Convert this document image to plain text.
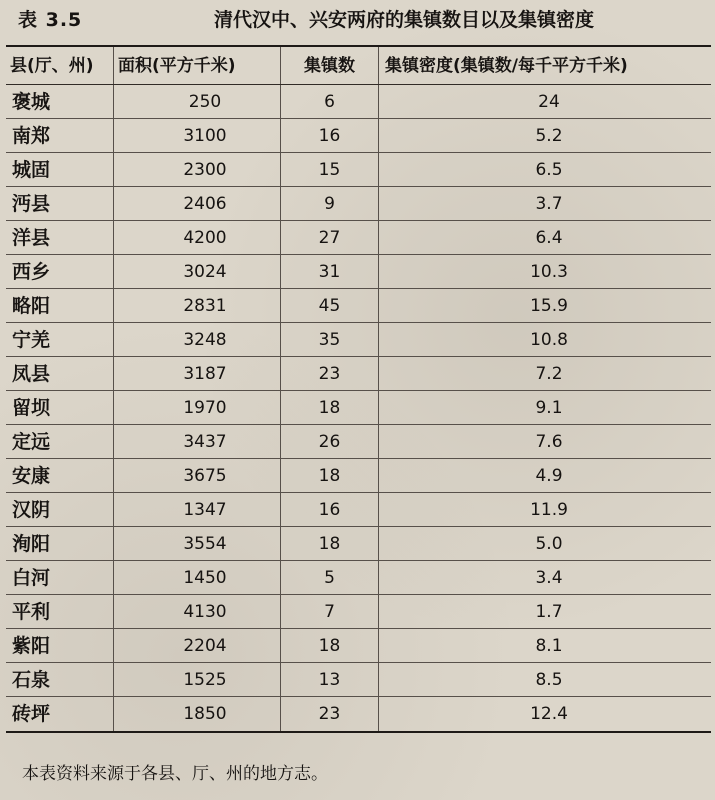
表 3.5	清代汉中、兴安两府的集镇数目以及集镇密度
县(厅、州)	面积(平方千米)	集镇数	集镇密度(集镇数/每千平方千米)
褒城	250	6	24
南郑	3100	16	5.2
城固	2300	15	6.5
沔县	2406	9	3.7
洋县	4200	27	6.4
西乡	3024	31	10.3
略阳	2831	45	15.9
宁羌	3248	35	10.8
凤县	3187	23	7.2
留坝	1970	18	9.1
定远	3437	26	7.6
安康	3675	18	4.9
汉阴	1347	16	11.9
洵阳	3554	18	5.0
白河	1450	5	3.4
平利	4130	7	1.7
紫阳	2204	18	8.1
石泉	1525	13	8.5
砖坪	1850	23	12.4
本表资料来源于各县、厅、州的地方志。
